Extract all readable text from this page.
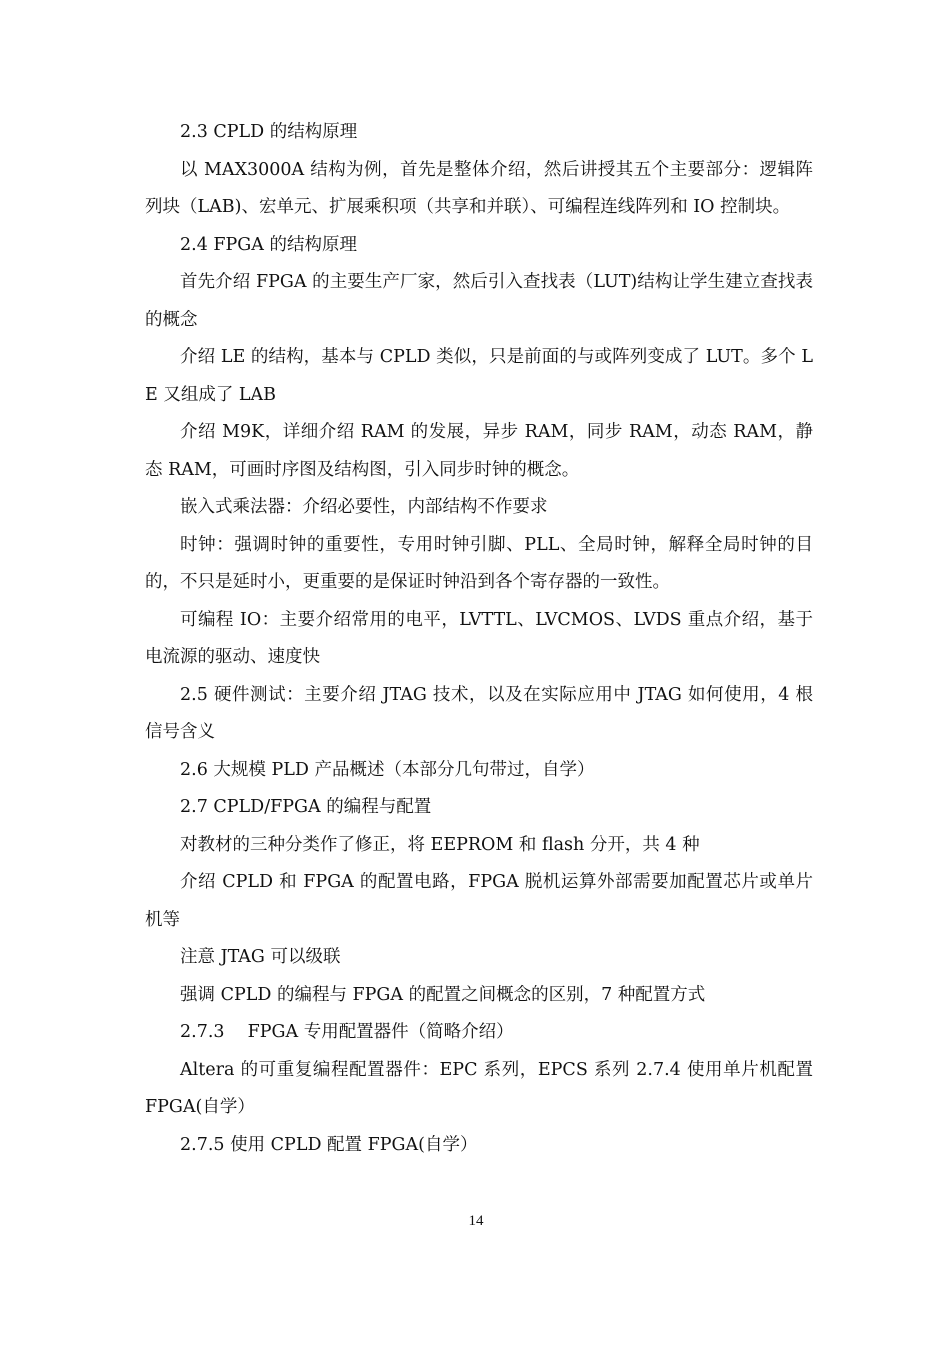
2.3 CPLD 的结构原理

以 MAX3000A 结构为例，首先是整体介绍，然后讲授其五个主要部分：逻辑阵列块（LAB)、宏单元、扩展乘积项（共享和并联）、可编程连线阵列和 IO 控制块。

2.4 FPGA 的结构原理

首先介绍 FPGA 的主要生产厂家，然后引入查找表（LUT)结构让学生建立查找表的概念

介绍 LE 的结构，基本与 CPLD 类似，只是前面的与或阵列变成了 LUT。多个 LE 又组成了 LAB

介绍 M9K，详细介绍 RAM 的发展，异步 RAM，同步 RAM，动态 RAM，静态 RAM，可画时序图及结构图，引入同步时钟的概念。

嵌入式乘法器：介绍必要性，内部结构不作要求

时钟：强调时钟的重要性，专用时钟引脚、PLL、全局时钟，解释全局时钟的目的，不只是延时小，更重要的是保证时钟沿到各个寄存器的一致性。

可编程 IO：主要介绍常用的电平，LVTTL、LVCMOS、LVDS 重点介绍，基于电流源的驱动、速度快

2.5 硬件测试：主要介绍 JTAG 技术，以及在实际应用中 JTAG 如何使用，4 根信号含义

2.6 大规模 PLD 产品概述（本部分几句带过，自学）

2.7 CPLD/FPGA 的编程与配置

对教材的三种分类作了修正，将 EEPROM 和 flash 分开，共 4 种

介绍 CPLD 和 FPGA 的配置电路，FPGA 脱机运算外部需要加配置芯片或单片机等

注意 JTAG 可以级联

强调 CPLD 的编程与 FPGA 的配置之间概念的区别，7 种配置方式

2.7.3　 FPGA 专用配置器件（简略介绍）

Altera 的可重复编程配置器件：EPC 系列，EPCS 系列 2.7.4 使用单片机配置 FPGA(自学）

2.7.5 使用 CPLD 配置 FPGA(自学）

14
